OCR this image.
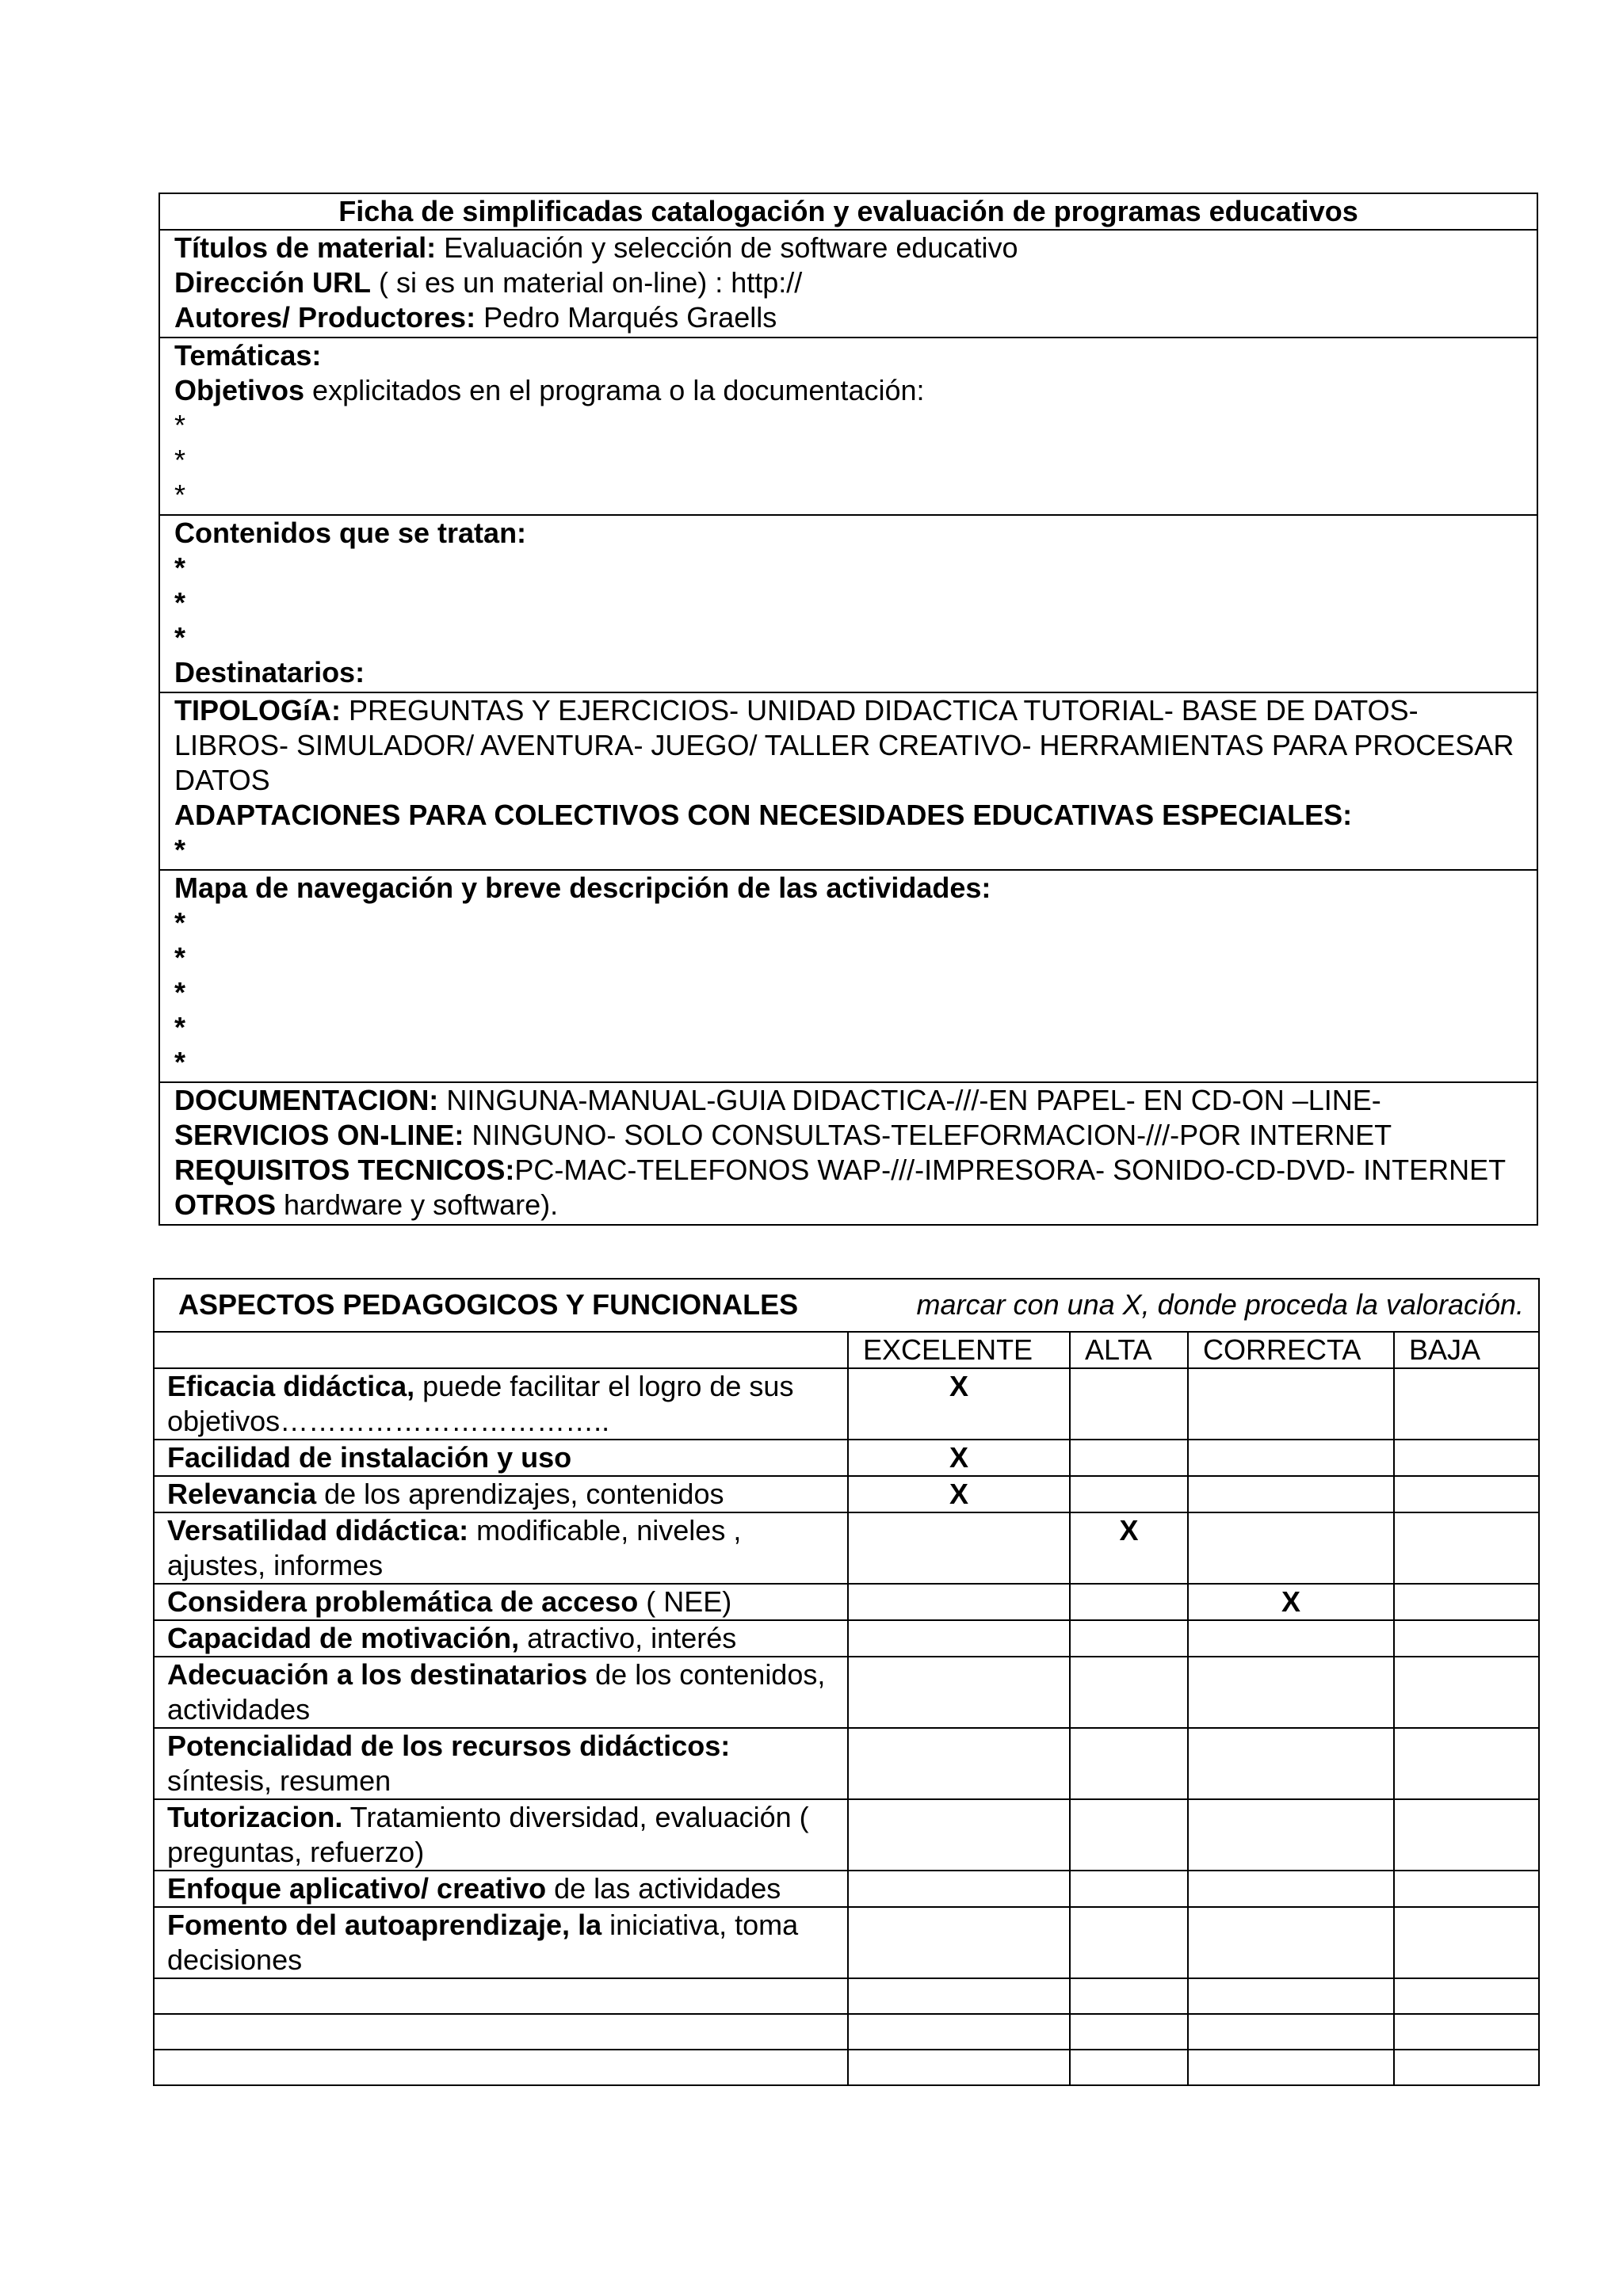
Ficha de simplificadas catalogación y evaluación de programas educativos
Títulos de material: Evaluación y selección de software educativo
Dirección URL ( si es un material on-line) : http://
Autores/ Productores: Pedro Marqués Graells
Temáticas:
Objetivos explicitados en el programa o la documentación:
*
*
*
Contenidos que se tratan:
*
*
*
Destinatarios:
TIPOLOGíA: PREGUNTAS Y EJERCICIOS- UNIDAD DIDACTICA TUTORIAL- BASE DE DATOS- LIBROS- SIMULADOR/ AVENTURA- JUEGO/ TALLER CREATIVO- HERRAMIENTAS PARA PROCESAR DATOS
ADAPTACIONES PARA COLECTIVOS CON NECESIDADES EDUCATIVAS ESPECIALES:
*
Mapa de navegación y breve descripción de las actividades:
*
*
*
*
*
DOCUMENTACION: NINGUNA-MANUAL-GUIA DIDACTICA-///-EN PAPEL- EN CD-ON –LINE-
SERVICIOS ON-LINE: NINGUNO- SOLO CONSULTAS-TELEFORMACION-///-POR INTERNET
REQUISITOS TECNICOS:PC-MAC-TELEFONOS WAP-///-IMPRESORA- SONIDO-CD-DVD- INTERNET
OTROS hardware y software).
ASPECTOS PEDAGOGICOS Y FUNCIONALES marcar con una X, donde proceda la valoración.				

	EXCELENTE	ALTA	CORRECTA	BAJA
Eficacia didáctica, puede facilitar el logro de sus objetivos……………………………..	X			
Facilidad de instalación y uso	X			
Relevancia de los aprendizajes, contenidos	X			
Versatilidad didáctica: modificable, niveles , ajustes, informes		X		
Considera problemática de acceso ( NEE)			X	
Capacidad de motivación, atractivo, interés				
Adecuación a los destinatarios de los contenidos, actividades				
Potencialidad de los recursos didácticos: síntesis, resumen				
Tutorizacion. Tratamiento diversidad, evaluación ( preguntas, refuerzo)				
Enfoque aplicativo/ creativo de las actividades				
Fomento del autoaprendizaje, la iniciativa, toma decisiones				
